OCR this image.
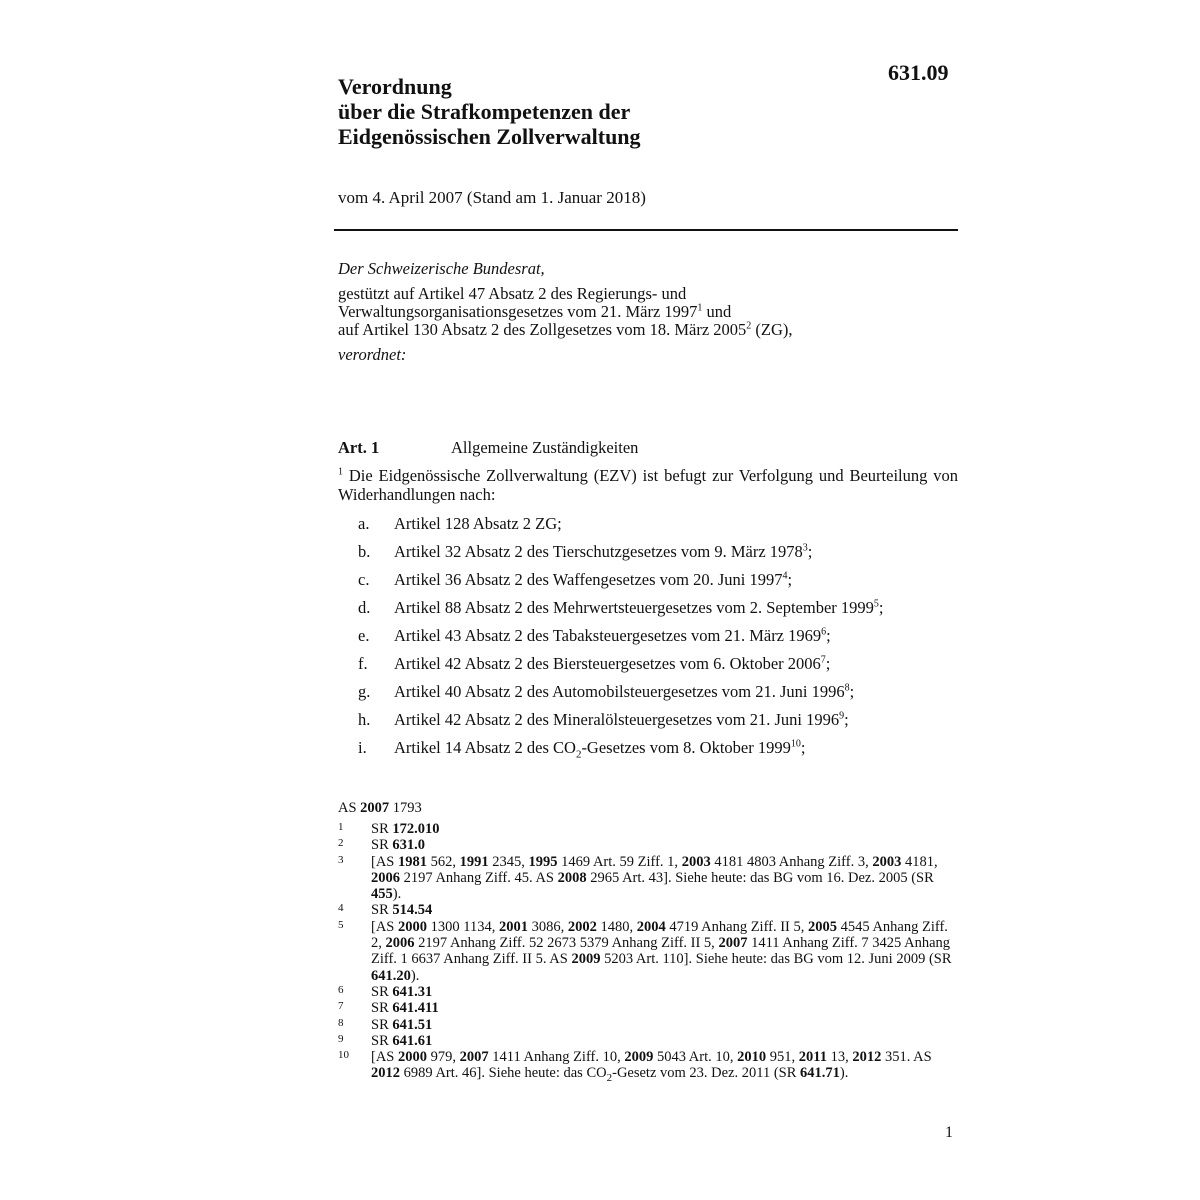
631.09
Verordnung
über die Strafkompetenzen der
Eidgenössischen Zollverwaltung
vom 4. April 2007 (Stand am 1. Januar 2018)
Der Schweizerische Bundesrat,
gestützt auf Artikel 47 Absatz 2 des Regierungs- und
Verwaltungsorganisationsgesetzes vom 21. März 1997$^1$ und
auf Artikel 130 Absatz 2 des Zollgesetzes vom 18. März 2005$^2$ (ZG),
verordnet:
Art. 1	Allgemeine Zuständigkeiten
$^1$ Die Eidgenössische Zollverwaltung (EZV) ist befugt zur Verfolgung und Beurteilung von Widerhandlungen nach:
a. Artikel 128 Absatz 2 ZG;
b. Artikel 32 Absatz 2 des Tierschutzgesetzes vom 9. März 1978$^3$;
c. Artikel 36 Absatz 2 des Waffengesetzes vom 20. Juni 1997$^4$;
d. Artikel 88 Absatz 2 des Mehrwertsteuergesetzes vom 2. September 1999$^5$;
e. Artikel 43 Absatz 2 des Tabaksteuergesetzes vom 21. März 1969$^6$;
f. Artikel 42 Absatz 2 des Biersteuergesetzes vom 6. Oktober 2006$^7$;
g. Artikel 40 Absatz 2 des Automobilsteuergesetzes vom 21. Juni 1996$^8$;
h. Artikel 42 Absatz 2 des Mineralölsteuergesetzes vom 21. Juni 1996$^9$;
i. Artikel 14 Absatz 2 des $CO_2$-Gesetzes vom 8. Oktober 1999$^{10}$;
AS 2007 1793
1 SR 172.010
2 SR 631.0
3 [AS 1981 562, 1991 2345, 1995 1469 Art. 59 Ziff. 1, 2003 4181 4803 Anhang Ziff. 3, 2003 4181, 2006 2197 Anhang Ziff. 45. AS 2008 2965 Art. 43]. Siehe heute: das BG vom 16. Dez. 2005 (SR 455).
4 SR 514.54
5 [AS 2000 1300 1134, 2001 3086, 2002 1480, 2004 4719 Anhang Ziff. II 5, 2005 4545 Anhang Ziff. 2, 2006 2197 Anhang Ziff. 52 2673 5379 Anhang Ziff. II 5, 2007 1411 Anhang Ziff. 7 3425 Anhang Ziff. 1 6637 Anhang Ziff. II 5. AS 2009 5203 Art. 110]. Siehe heute: das BG vom 12. Juni 2009 (SR 641.20).
6 SR 641.31
7 SR 641.411
8 SR 641.51
9 SR 641.61
10 [AS 2000 979, 2007 1411 Anhang Ziff. 10, 2009 5043 Art. 10, 2010 951, 2011 13, 2012 351. AS 2012 6989 Art. 46]. Siehe heute: das $CO_2$-Gesetz vom 23. Dez. 2011 (SR 641.71).
1
